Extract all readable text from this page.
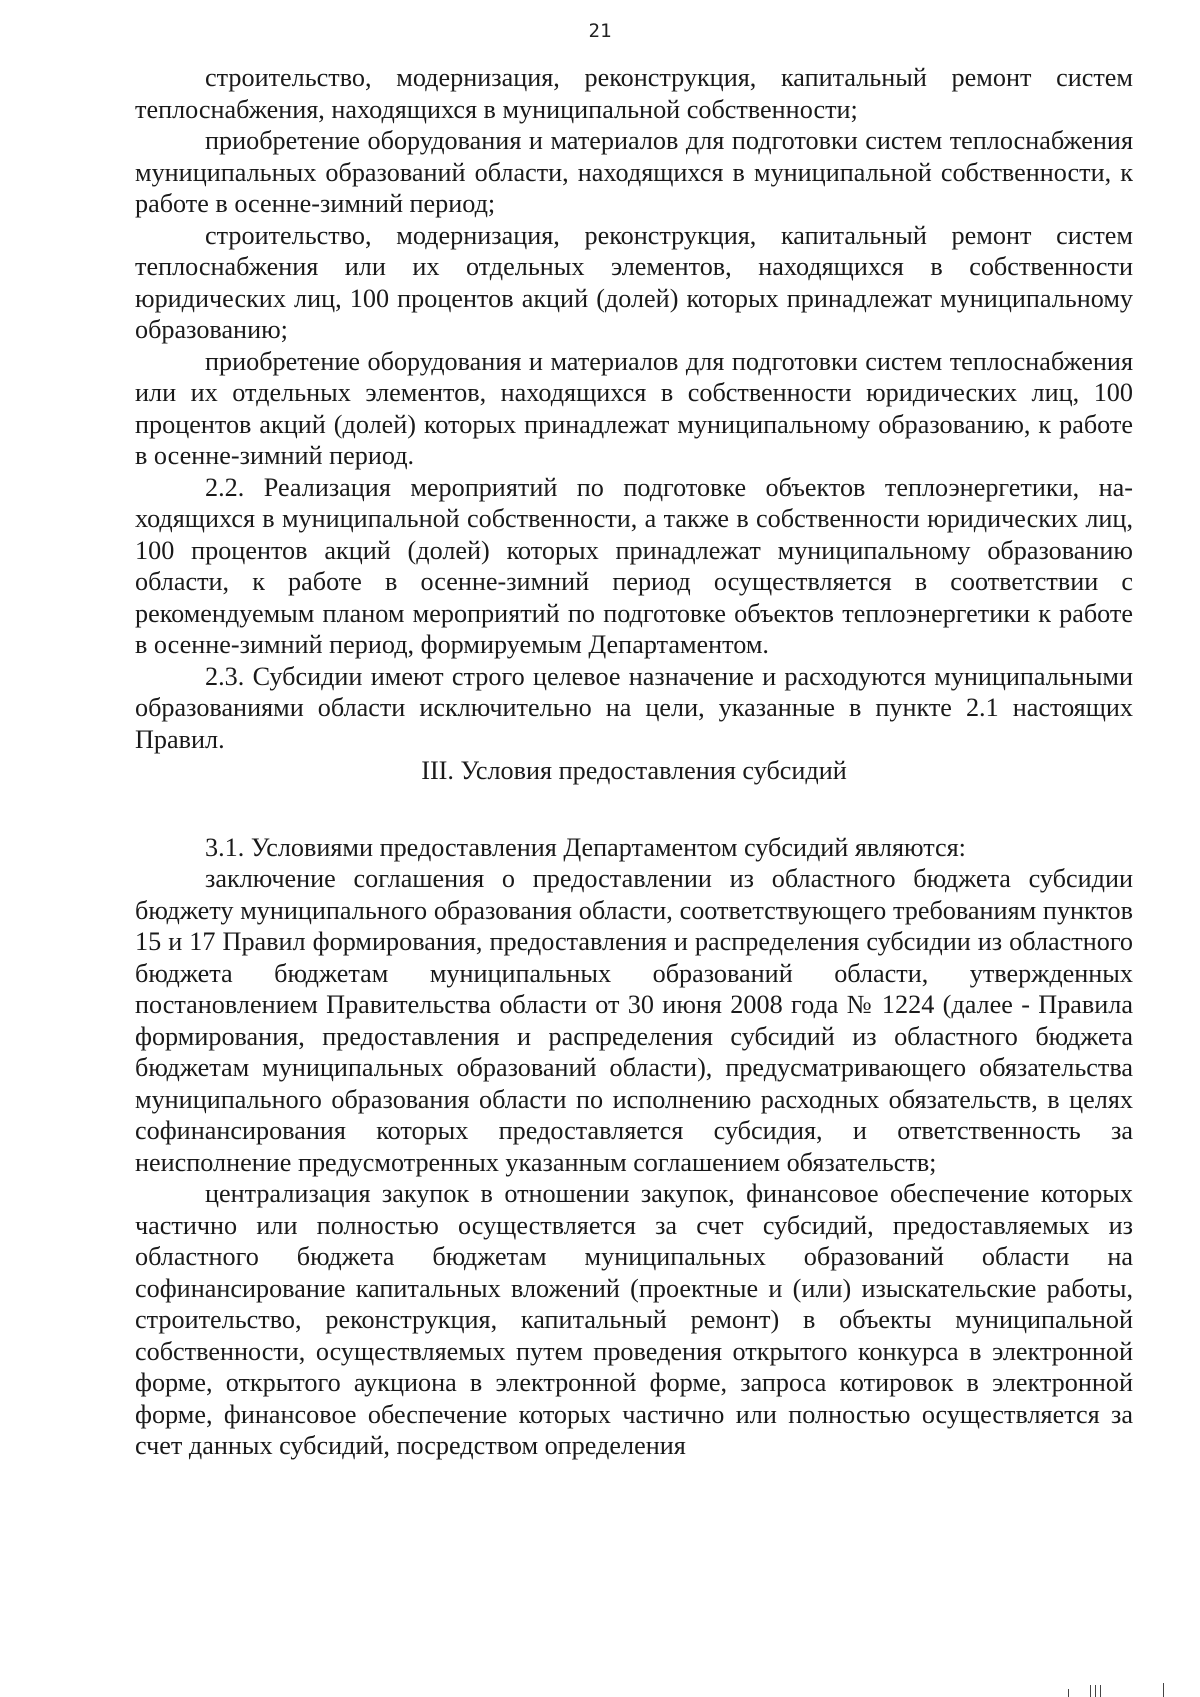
21

строительство, модернизация, реконструкция, капитальный ремонт систем теплоснабжения, находящихся в муниципальной собственности;

приобретение оборудования и материалов для подготовки систем теплоснабжения муниципальных образований области, находящихся в муниципальной собственности, к работе в осенне-зимний период;

строительство, модернизация, реконструкция, капитальный ремонт систем теплоснабжения или их отдельных элементов, находящихся в собственности юридических лиц, 100 процентов акций (долей) которых принадлежат муниципальному образованию;

приобретение оборудования и материалов для подготовки систем теплоснабжения или их отдельных элементов, находящихся в собственности юридических лиц, 100 процентов акций (долей) которых принадлежат муниципальному образованию, к работе в осенне-зимний период.

2.2. Реализация мероприятий по подготовке объектов теплоэнергетики, находящихся в муниципальной собственности, а также в собственности юридических лиц, 100 процентов акций (долей) которых принадлежат муниципальному образованию области, к работе в осенне-зимний период осуществляется в соответствии с рекомендуемым планом мероприятий по подготовке объектов теплоэнергетики к работе в осенне-зимний период, формируемым Департаментом.

2.3. Субсидии имеют строго целевое назначение и расходуются муниципальными образованиями области исключительно на цели, указанные в пункте 2.1 настоящих Правил.

III. Условия предоставления субсидий

3.1. Условиями предоставления Департаментом субсидий являются:

заключение соглашения о предоставлении из областного бюджета субсидии бюджету муниципального образования области, соответствующего требованиям пунктов 15 и 17 Правил формирования, предоставления и распределения субсидии из областного бюджета бюджетам муниципальных образований области, утвержденных постановлением Правительства области от 30 июня 2008 года № 1224 (далее - Правила формирования, предоставления и распределения субсидий из областного бюджета бюджетам муниципальных образований области), предусматривающего обязательства муниципального образования области по исполнению расходных обязательств, в целях софинансирования которых предоставляется субсидия, и ответственность за неисполнение предусмотренных указанным соглашением обязательств;

централизация закупок в отношении закупок, финансовое обеспечение которых частично или полностью осуществляется за счет субсидий, предоставляемых из областного бюджета бюджетам муниципальных образований области на софинансирование капитальных вложений (проектные и (или) изыскательские работы, строительство, реконструкция, капитальный ремонт) в объекты муниципальной собственности, осуществляемых путем проведения открытого конкурса в электронной форме, открытого аукциона в электронной форме, запроса котировок в электронной форме, финансовое обеспечение которых частично или полностью осуществляется за счет данных субсидий, посредством определения
